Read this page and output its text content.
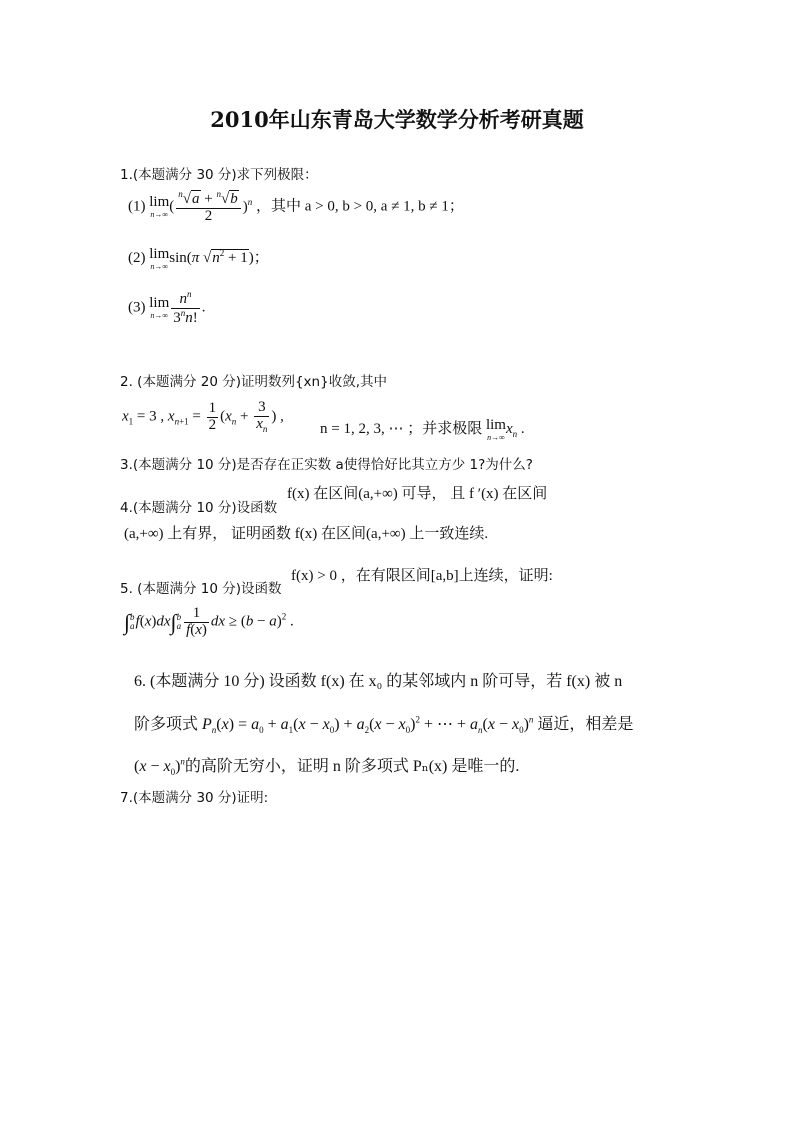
2010年山东青岛大学数学分析考研真题
1.(本题满分 30 分)求下列极限：
(1) lim
n→∞
( $\frac{^n√a + ^n√b}{2} )^n$ ，其中 a > 0, b > 0, a ≠ 1, b ≠ 1；
(2) lim
n→∞
sin(π $√n^2 + 1$)；
(3) lim
$n\to\infty \frac{n^n}{3^nn!}$ .
2. (本题满分 20 分)证明数列{xn}收敛,其中
$x_1 = 3$ , $x_{n+1} = \frac{1}{2} (x_n + \frac{3}{x_n}$ ) ,
n = 1, 2, 3, ⋯ ；并求极限 lim
n→∞
$x_n$ .
3.(本题满分 10 分)是否存在正实数 a使得恰好比其立方少 1?为什么?
4.(本题满分 10 分)设函数
f(x) 在区间(a,+∞) 可导， 且 f ′(x) 在区间
(a,+∞) 上有界， 证明函数 f(x) 在区间(a,+∞) 上一致连续.
5. (本题满分 10 分)设函数
f(x) > 0 ，在有限区间[a,b]上连续，证明:
∫ b
a f(x)dx∫ b
a $\frac{1}{f(x)}$ dx ≥ $(b - a)^2$ .
6. (本题满分 10 分) 设函数 f(x) 在 x₀ 的某邻域内 n 阶可导，若 f(x) 被 n
阶多项式 $P_n(x) = a_0 + a_1(x - x_0) + a_2(x - x_0)^2$ + ⋯ + $a_n(x - x_0)^n$ 逼近，相差是
$(x - x_0)^n$的高阶无穷小，证明 n 阶多项式 Pₙ(x) 是唯一的.
7.(本题满分 30 分)证明:
